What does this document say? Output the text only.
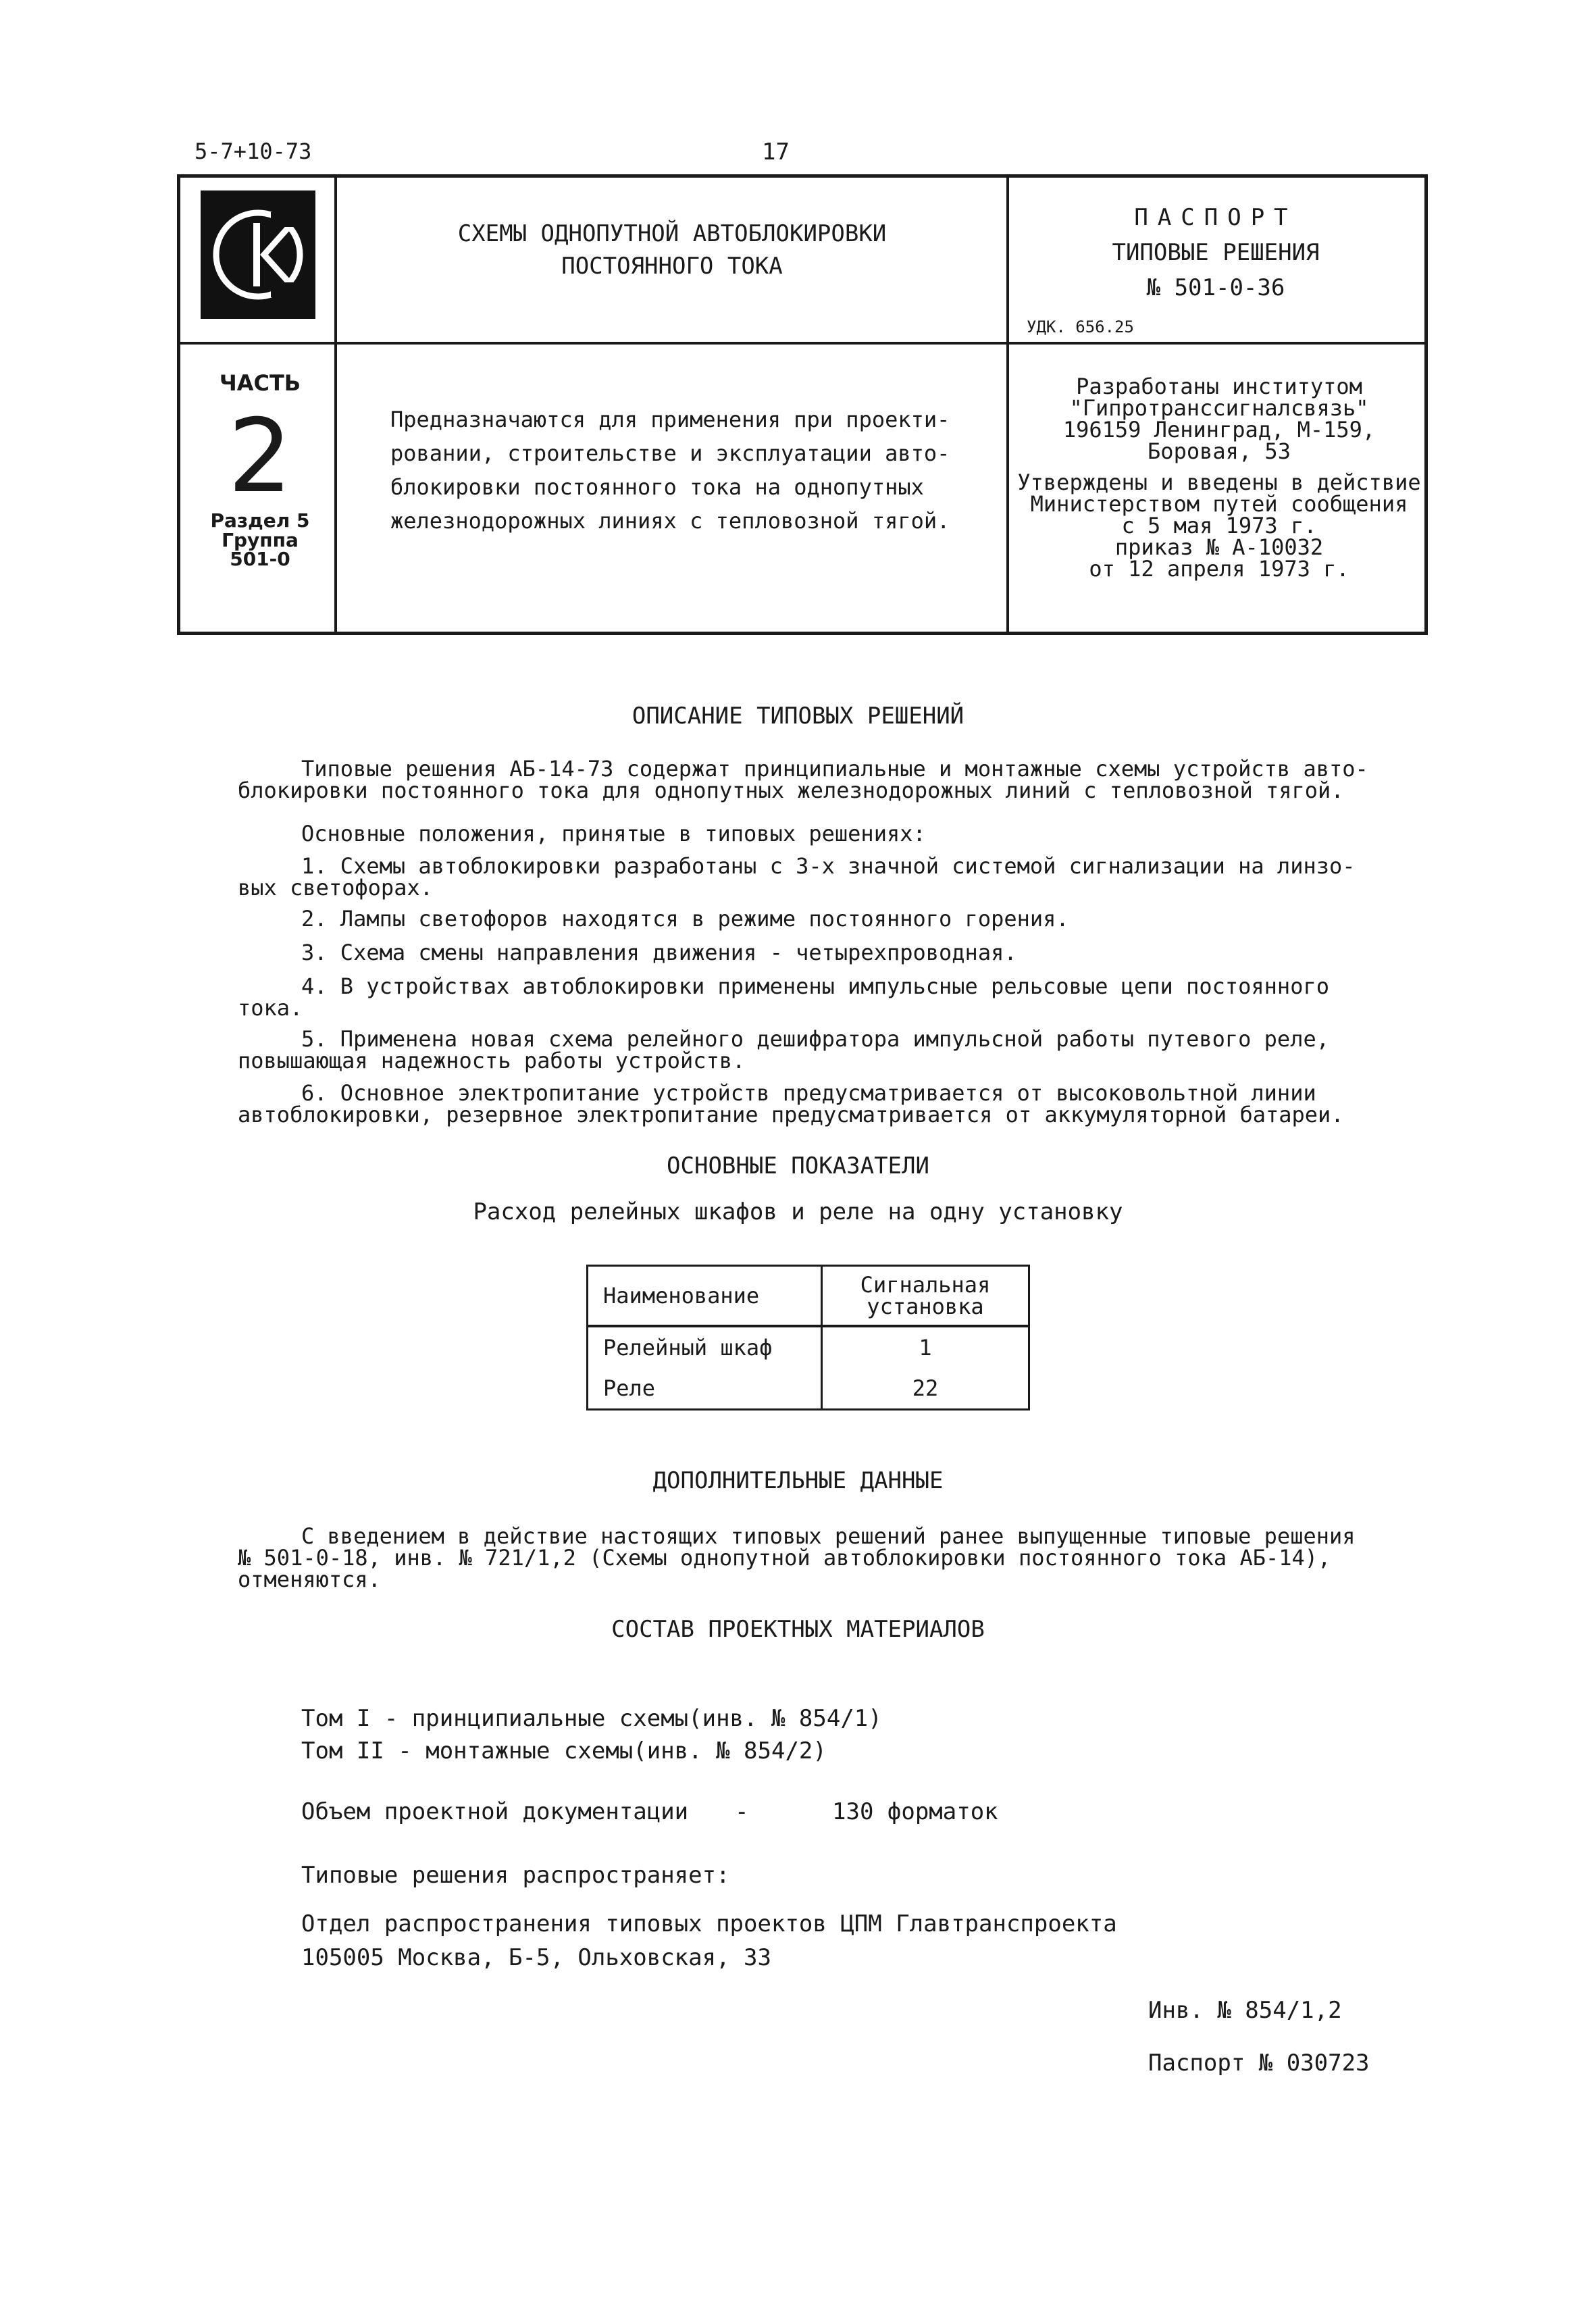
5-7+10-73	17
СХЕМЫ ОДНОПУТНОЙ АВТОБЛОКИРОВКИ
ПОСТОЯННОГО ТОКА
ПАСПОРТ
ТИПОВЫЕ РЕШЕНИЯ
№ 501-0-36
УДК. 656.25
ЧАСТЬ
2
Раздел 5
Группа
501-0
Предназначаются для применения при проекти-
ровании, строительстве и эксплуатации авто-
блокировки постоянного тока на однопутных
железнодорожных линиях с тепловозной тягой.
Разработаны институтом
"Гипротранссигналсвязь"
196159 Ленинград, М-159,
Боровая, 53
Утверждены и введены в действие
Министерством путей сообщения
с 5 мая 1973 г.
приказ № А-10032
от 12 апреля 1973 г.
ОПИСАНИЕ ТИПОВЫХ РЕШЕНИЙ
Типовые решения АБ-14-73 содержат принципиальные и монтажные схемы устройств авто-
блокировки постоянного тока для однопутных железнодорожных линий с тепловозной тягой.
Основные положения, принятые в типовых решениях:
1. Схемы автоблокировки разработаны с 3-х значной системой сигнализации на линзо-
вых светофорах.
2. Лампы светофоров находятся в режиме постоянного горения.
3. Схема смены направления движения - четырехпроводная.
4. В устройствах автоблокировки применены импульсные рельсовые цепи постоянного
тока.
5. Применена новая схема релейного дешифратора импульсной работы путевого реле,
повышающая надежность работы устройств.
6. Основное электропитание устройств предусматривается от высоковольтной линии
автоблокировки, резервное электропитание предусматривается от аккумуляторной батареи.
ОСНОВНЫЕ ПОКАЗАТЕЛИ
Расход релейных шкафов и реле на одну установку
Наименование	Сигнальная
установка

Релейный шкаф	1
Реле	22
ДОПОЛНИТЕЛЬНЫЕ ДАННЫЕ
С введением в действие настоящих типовых решений ранее выпущенные типовые решения
№ 501-0-18, инв. № 721/1,2 (Схемы однопутной автоблокировки постоянного тока АБ-14),
отменяются.
СОСТАВ ПРОЕКТНЫХ МАТЕРИАЛОВ
Том I - принципиальные схемы(инв. № 854/1)
Том II - монтажные схемы(инв. № 854/2)
Объем проектной документации -	130 форматок
Типовые решения распространяет:
Отдел распространения типовых проектов ЦПМ Главтранспроекта
105005 Москва, Б-5, Ольховская, 33
Инв. № 854/1,2
Паспорт № 030723
